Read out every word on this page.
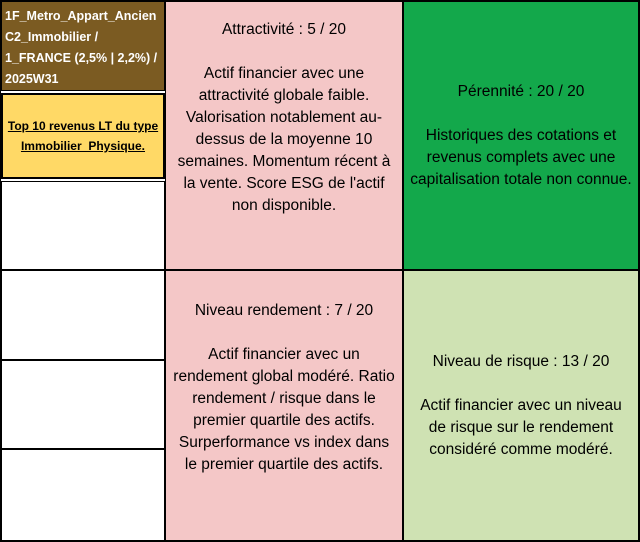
1F_Metro_Appart_Ancien C2_Immobilier / 1_FRANCE (2,5% | 2,2%) / 2025W31
Top 10 revenus LT du type Immobilier_Physique.
Attractivité : 5 / 20
Actif financier avec une attractivité globale faible. Valorisation notablement au-dessus de la moyenne 10 semaines. Momentum récent à la vente. Score ESG de l'actif non disponible.
Pérennité : 20 / 20
Historiques des cotations et revenus complets avec une capitalisation totale non connue.
Niveau rendement : 7 / 20
Actif financier avec un rendement global modéré. Ratio rendement / risque dans le premier quartile des actifs. Surperformance vs index dans le premier quartile des actifs.
Niveau de risque : 13 / 20
Actif financier avec un niveau de risque sur le rendement considéré comme modéré.
